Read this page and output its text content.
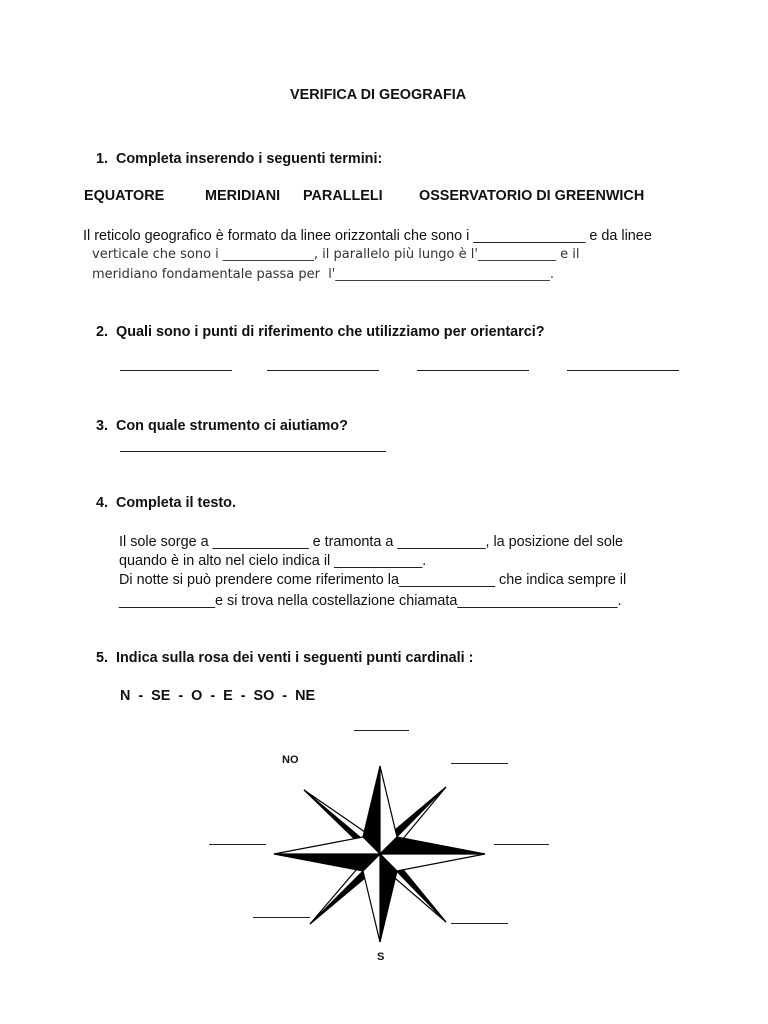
VERIFICA DI GEOGRAFIA
1.  Completa inserendo i seguenti termini:
EQUATORE	MERIDIANI PARALLELI	OSSERVATORIO DI GREENWICH
Il reticolo geografico è formato da linee orizzontali che sono i ______________ e da linee
verticale che sono i ______________, il parallelo più lungo è l'____________ e il
meridiano fondamentale passa per  l'_________________________________.
2.  Quali sono i punti di riferimento che utilizziamo per orientarci?
3.  Con quale strumento ci aiutiamo?
4.  Completa il testo.
Il sole sorge a ____________ e tramonta a ___________, la posizione del sole
quando è in alto nel cielo indica il ___________.
Di notte si può prendere come riferimento la____________ che indica sempre il
____________e si trova nella costellazione chiamata____________________.
5.  Indica sulla rosa dei venti i seguenti punti cardinali :
N  -  SE  -  O  -  E  -  SO  -  NE
NO
S
